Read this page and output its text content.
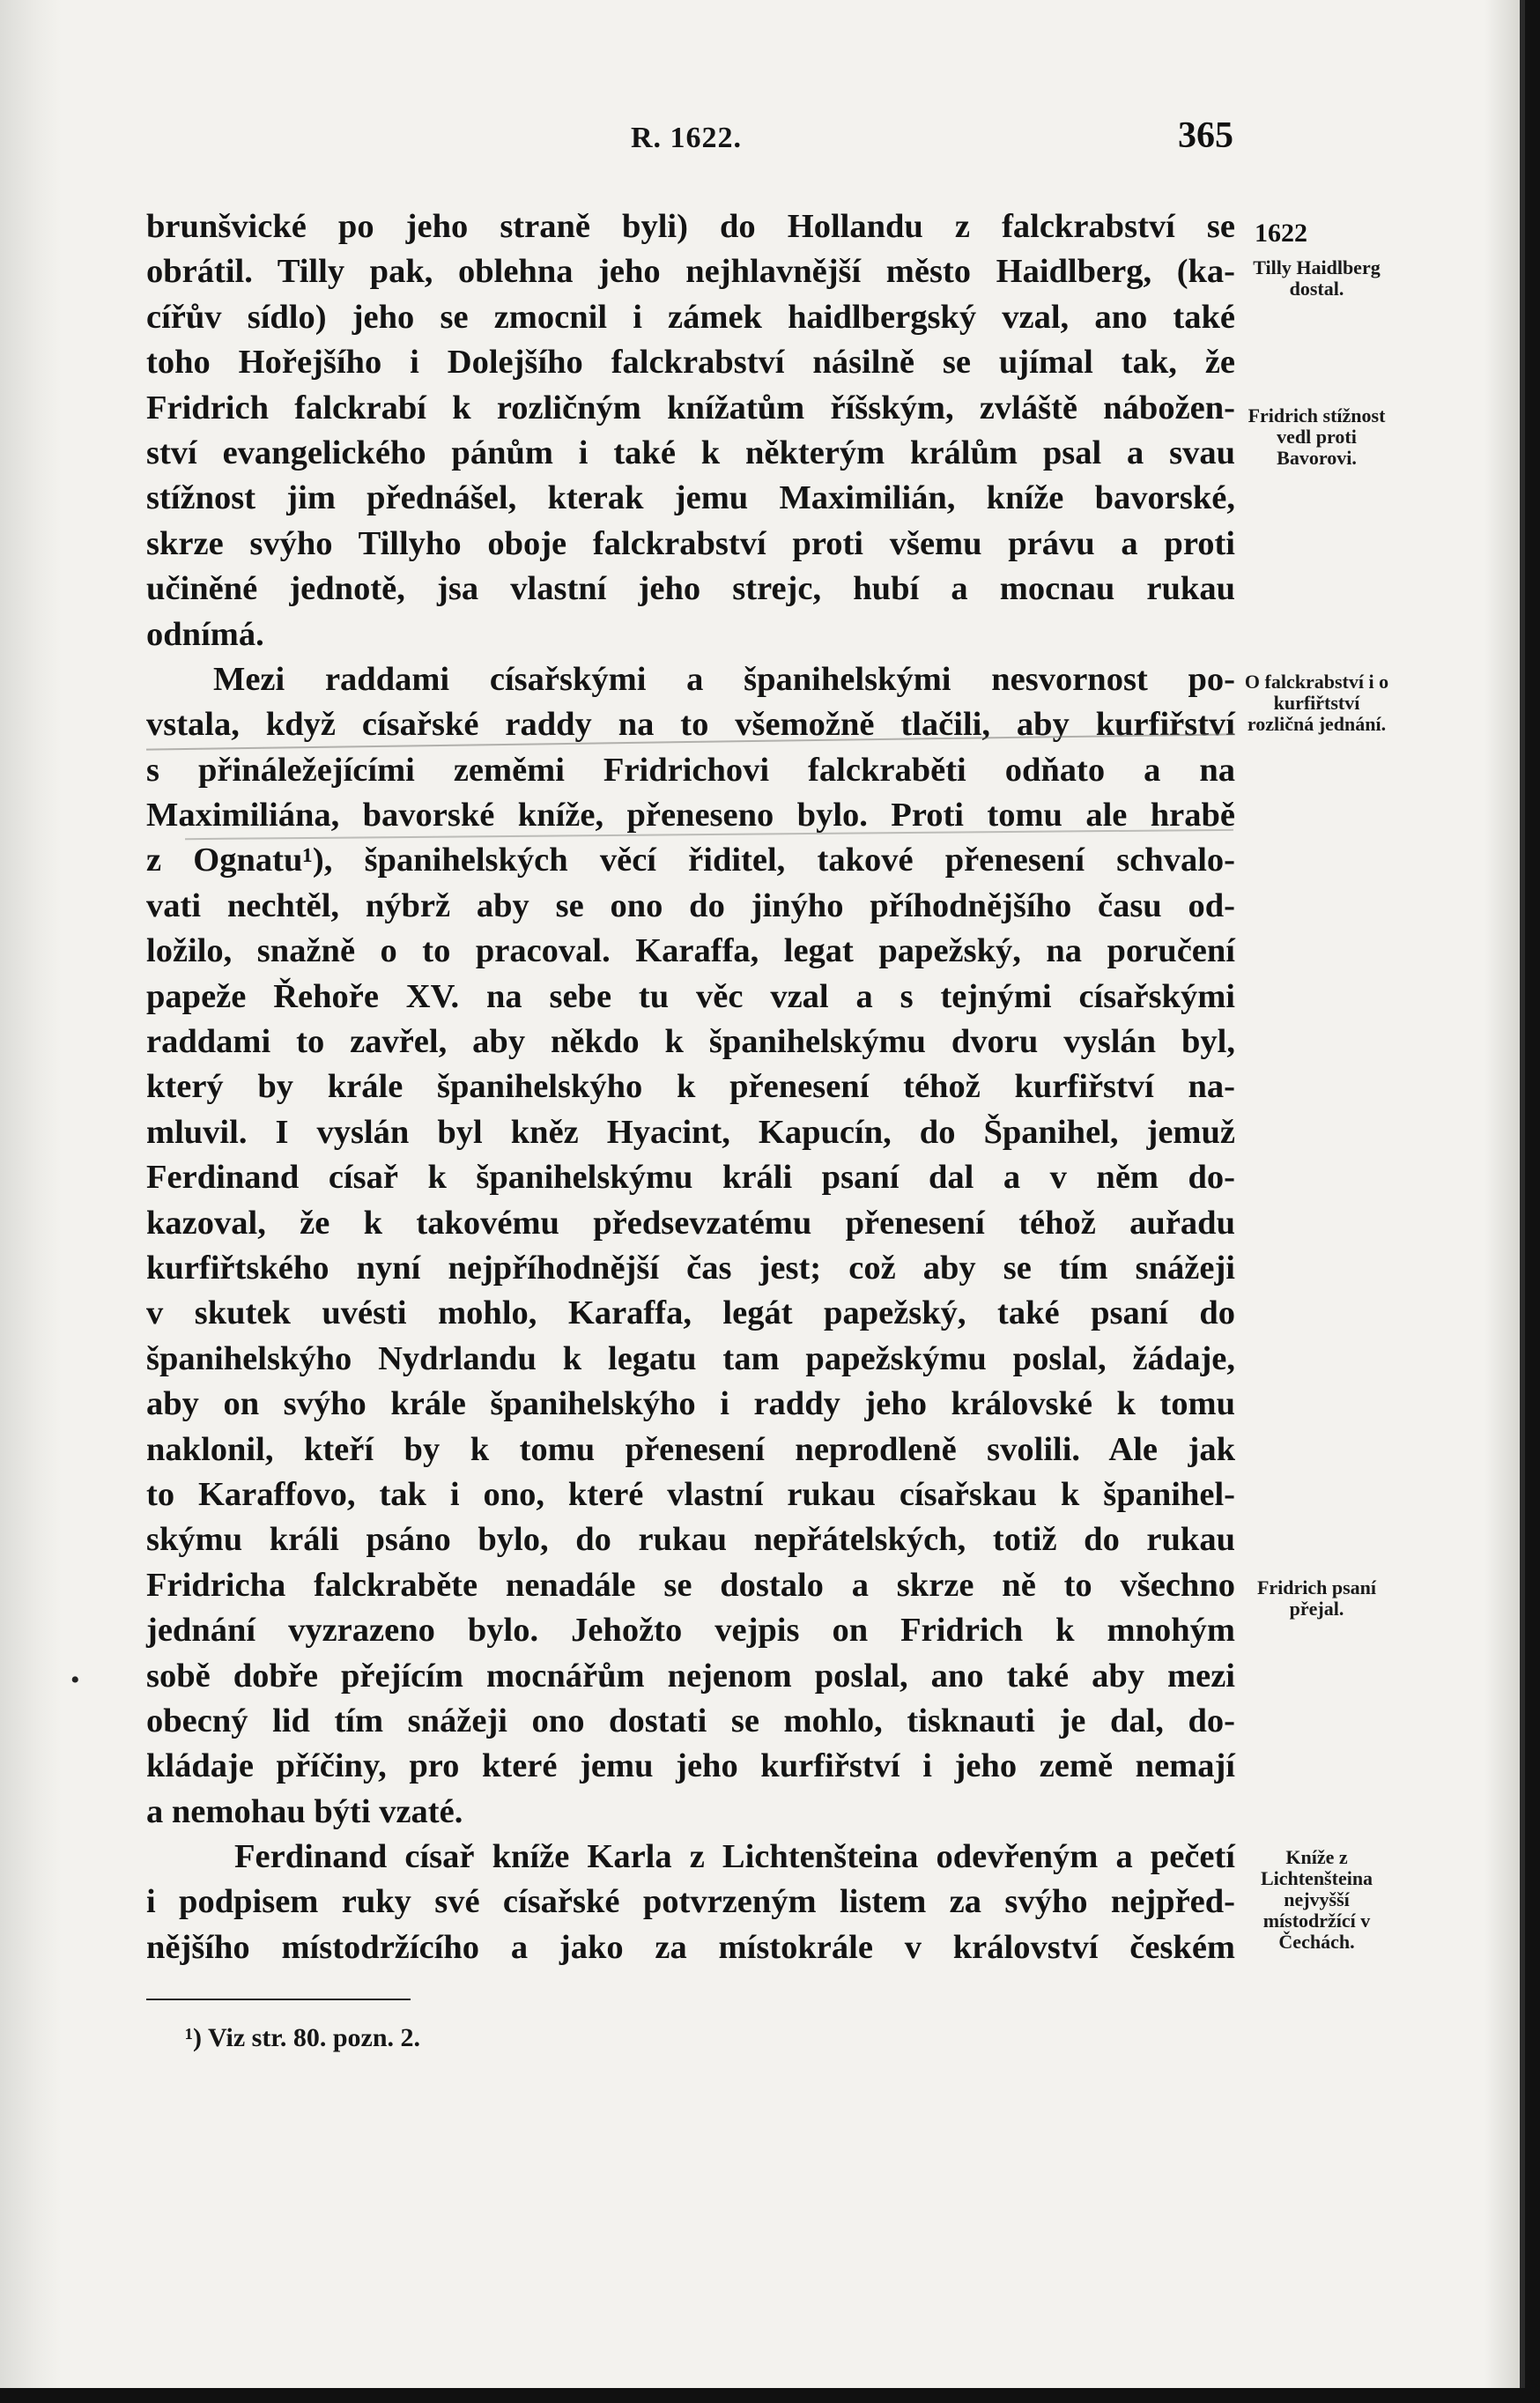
R. 1622.	365
1622
Tilly Haidlberg dostal.
Fridrich stížnost vedl proti Bavorovi.
O falckrabství i o kurfiřtství rozličná jednání.
Fridrich psaní přejal.
Kníže z Lichtenšteina nejvyšší místodržící v Čechách.
brunšvické po jeho straně byli) do Hollandu z falckrabství se
obrátil. Tilly pak, oblehna jeho nejhlavnější město Haidlberg, (ka-
cířův sídlo) jeho se zmocnil i zámek haidlbergský vzal, ano také
toho Hořejšího i Dolejšího falckrabství násilně se ujímal tak, že
Fridrich falckrabí k rozličným knížatům říšským, zvláště nábožen-
ství evangelického pánům i také k některým králům psal a svau
stížnost jim přednášel, kterak jemu Maximilián, kníže bavorské,
skrze svýho Tillyho oboje falckrabství proti všemu právu a proti
učiněné jednotě, jsa vlastní jeho strejc, hubí a mocnau rukau
odnímá.
Mezi raddami císařskými a španihelskými nesvornost po-
vstala, když císařské raddy na to všemožně tlačili, aby kurfiřství
s přináležejícími zeměmi Fridrichovi falckraběti odňato a na
Maximiliána, bavorské kníže, přeneseno bylo. Proti tomu ale hrabě
z Ognatu¹), španihelských věcí řiditel, takové přenesení schvalo-
vati nechtěl, nýbrž aby se ono do jinýho příhodnějšího času od-
ložilo, snažně o to pracoval. Karaffa, legat papežský, na poručení
papeže Řehoře XV. na sebe tu věc vzal a s tejnými císařskými
raddami to zavřel, aby někdo k španihelskýmu dvoru vyslán byl,
který by krále španihelskýho k přenesení téhož kurfiřství na-
mluvil. I vyslán byl kněz Hyacint, Kapucín, do Španihel, jemuž
Ferdinand císař k španihelskýmu králi psaní dal a v něm do-
kazoval, že k takovému předsevzatému přenesení téhož auřadu
kurfiřtského nyní nejpříhodnější čas jest; což aby se tím snážeji
v skutek uvésti mohlo, Karaffa, legát papežský, také psaní do
španihelskýho Nydrlandu k legatu tam papežskýmu poslal, žádaje,
aby on svýho krále španihelskýho i raddy jeho královské k tomu
naklonil, kteří by k tomu přenesení neprodleně svolili. Ale jak
to Karaffovo, tak i ono, které vlastní rukau císařskau k španihel-
skýmu králi psáno bylo, do rukau nepřátelských, totiž do rukau
Fridricha falckraběte nenadále se dostalo a skrze ně to všechno
jednání vyzrazeno bylo. Jehožto vejpis on Fridrich k mnohým
sobě dobře přejícím mocnářům nejenom poslal, ano také aby mezi
obecný lid tím snážeji ono dostati se mohlo, tisknauti je dal, do-
kládaje příčiny, pro které jemu jeho kurfiřství i jeho země nemají
a nemohau býti vzaté.
Ferdinand císař kníže Karla z Lichtenšteina odevřeným a pečetí
i podpisem ruky své císařské potvrzeným listem za svýho nejpřed-
nějšího místodržícího a jako za místokrále v království českém
•
¹) Viz str. 80. pozn. 2.
